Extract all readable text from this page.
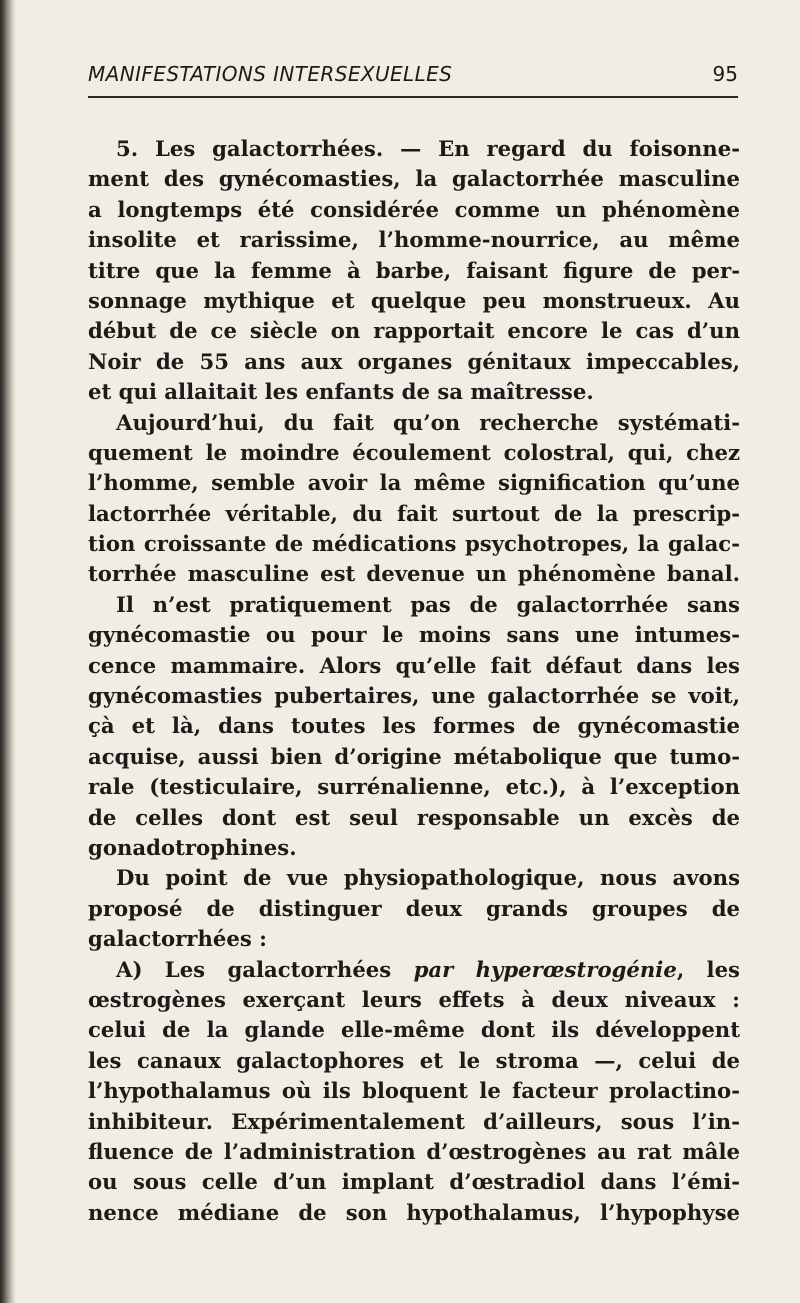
MANIFESTATIONS INTERSEXUELLES	95
5. Les galactorrhées. — En regard du foisonne-
ment des gynécomasties, la galactorrhée masculine
a longtemps été considérée comme un phénomène
insolite et rarissime, l’homme-nourrice, au même
titre que la femme à barbe, faisant figure de per-
sonnage mythique et quelque peu monstrueux. Au
début de ce siècle on rapportait encore le cas d’un
Noir de 55 ans aux organes génitaux impeccables,
et qui allaitait les enfants de sa maîtresse.
Aujourd’hui, du fait qu’on recherche systémati-
quement le moindre écoulement colostral, qui, chez
l’homme, semble avoir la même signification qu’une
lactorrhée véritable, du fait surtout de la prescrip-
tion croissante de médications psychotropes, la galac-
torrhée masculine est devenue un phénomène banal.
Il n’est pratiquement pas de galactorrhée sans
gynécomastie ou pour le moins sans une intumes-
cence mammaire. Alors qu’elle fait défaut dans les
gynécomasties pubertaires, une galactorrhée se voit,
çà et là, dans toutes les formes de gynécomastie
acquise, aussi bien d’origine métabolique que tumo-
rale (testiculaire, surrénalienne, etc.), à l’exception
de celles dont est seul responsable un excès de
gonadotrophines.
Du point de vue physiopathologique, nous avons
proposé de distinguer deux grands groupes de
galactorrhées :
A) Les galactorrhées par hyperœstrogénie, les
œstrogènes exerçant leurs effets à deux niveaux :
celui de la glande elle-même dont ils développent
les canaux galactophores et le stroma —, celui de
l’hypothalamus où ils bloquent le facteur prolactino-
inhibiteur. Expérimentalement d’ailleurs, sous l’in-
fluence de l’administration d’œstrogènes au rat mâle
ou sous celle d’un implant d’œstradiol dans l’émi-
nence médiane de son hypothalamus, l’hypophyse
